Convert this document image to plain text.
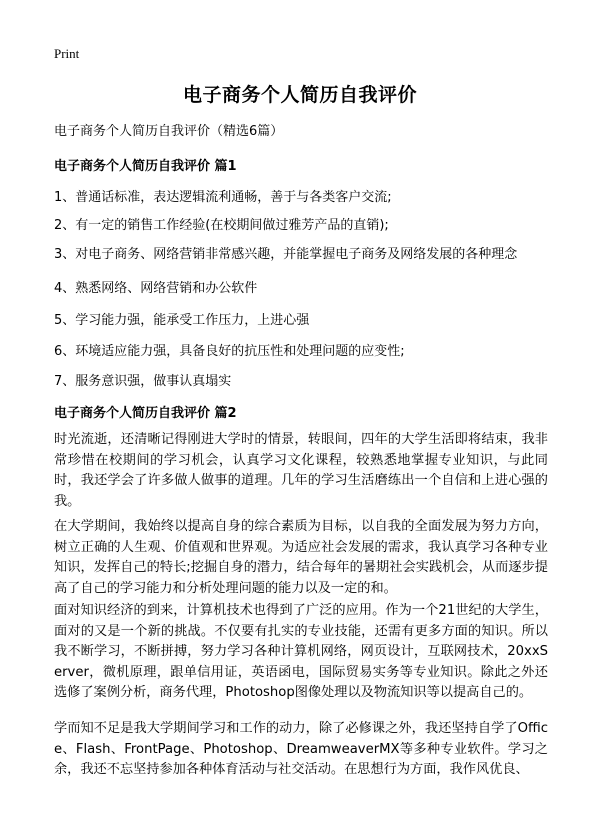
Print
电子商务个人简历自我评价
电子商务个人简历自我评价（精选6篇）
电子商务个人简历自我评价 篇1
1、普通话标准，表达逻辑流利通畅，善于与各类客户交流;
2、有一定的销售工作经验(在校期间做过雅芳产品的直销);
3、对电子商务、网络营销非常感兴趣，并能掌握电子商务及网络发展的各种理念
4、熟悉网络、网络营销和办公软件
5、学习能力强，能承受工作压力，上进心强
6、环境适应能力强，具备良好的抗压性和处理问题的应变性;
7、服务意识强，做事认真塌实
电子商务个人简历自我评价 篇2
时光流逝，还清晰记得刚进大学时的情景，转眼间，四年的大学生活即将结束，我非常珍惜在校期间的学习机会，认真学习文化课程，较熟悉地掌握专业知识，与此同时，我还学会了许多做人做事的道理。几年的学习生活磨练出一个自信和上进心强的我。
在大学期间，我始终以提高自身的综合素质为目标，以自我的全面发展为努力方向，树立正确的人生观、价值观和世界观。为适应社会发展的需求，我认真学习各种专业知识，发挥自己的特长;挖掘自身的潜力，结合每年的暑期社会实践机会，从而逐步提高了自己的学习能力和分析处理问题的能力以及一定的和。
面对知识经济的到来，计算机技术也得到了广泛的应用。作为一个21世纪的大学生，面对的又是一个新的挑战。不仅要有扎实的专业技能，还需有更多方面的知识。所以我不断学习，不断拼搏，努力学习各种计算机网络，网页设计，互联网技术，20xxServer，微机原理，跟单信用证，英语函电，国际贸易实务等专业知识。除此之外还选修了案例分析，商务代理，Photoshop图像处理以及物流知识等以提高自己的。
学而知不足是我大学期间学习和工作的动力，除了必修课之外，我还坚持自学了Office、Flash、FrontPage、Photoshop、DreamweaverMX等多种专业软件。学习之余，我还不忘坚持参加各种体育活动与社交活动。在思想行为方面，我作风优良、
